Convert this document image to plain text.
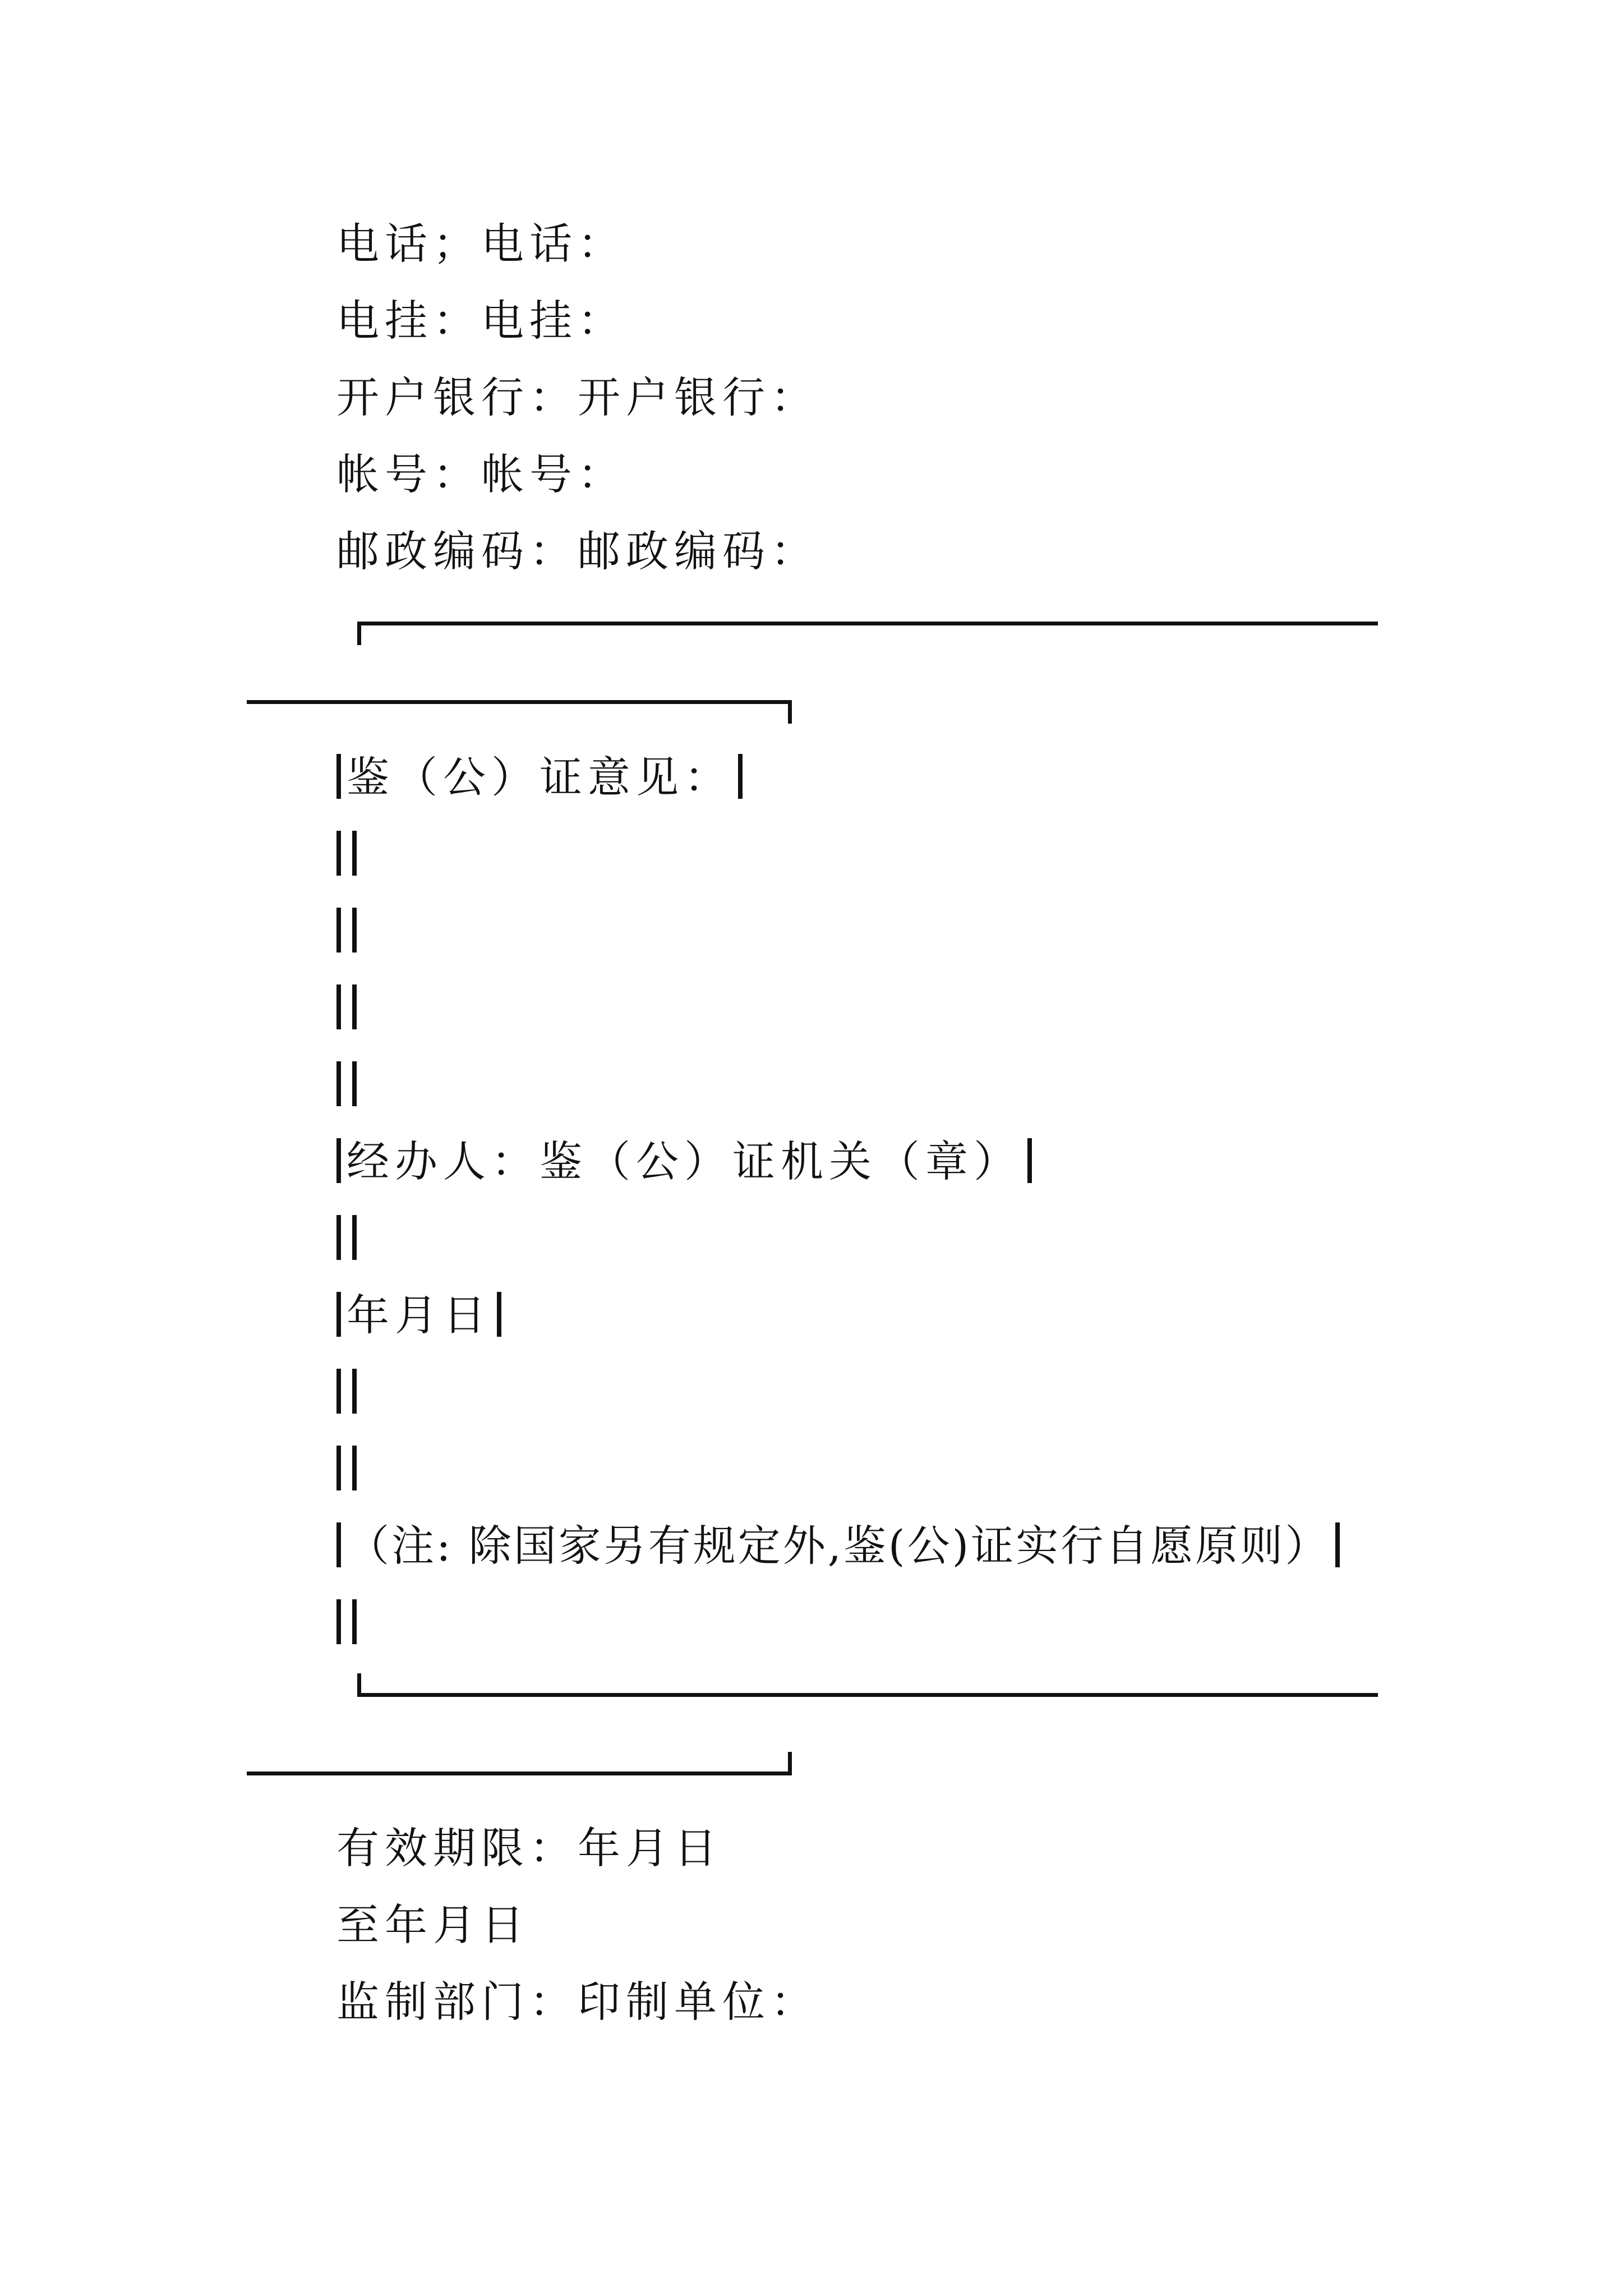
电话；电话：
电挂：电挂：
开户银行：开户银行：
帐号：帐号：
邮政编码：邮政编码：
鉴（公）证意见：
经办人：鉴（公）证机关（章）
年月日
（注: 除国家另有规定外,鉴(公)证实行自愿原则）
有效期限：年月日
至年月日
监制部门：印制单位：
